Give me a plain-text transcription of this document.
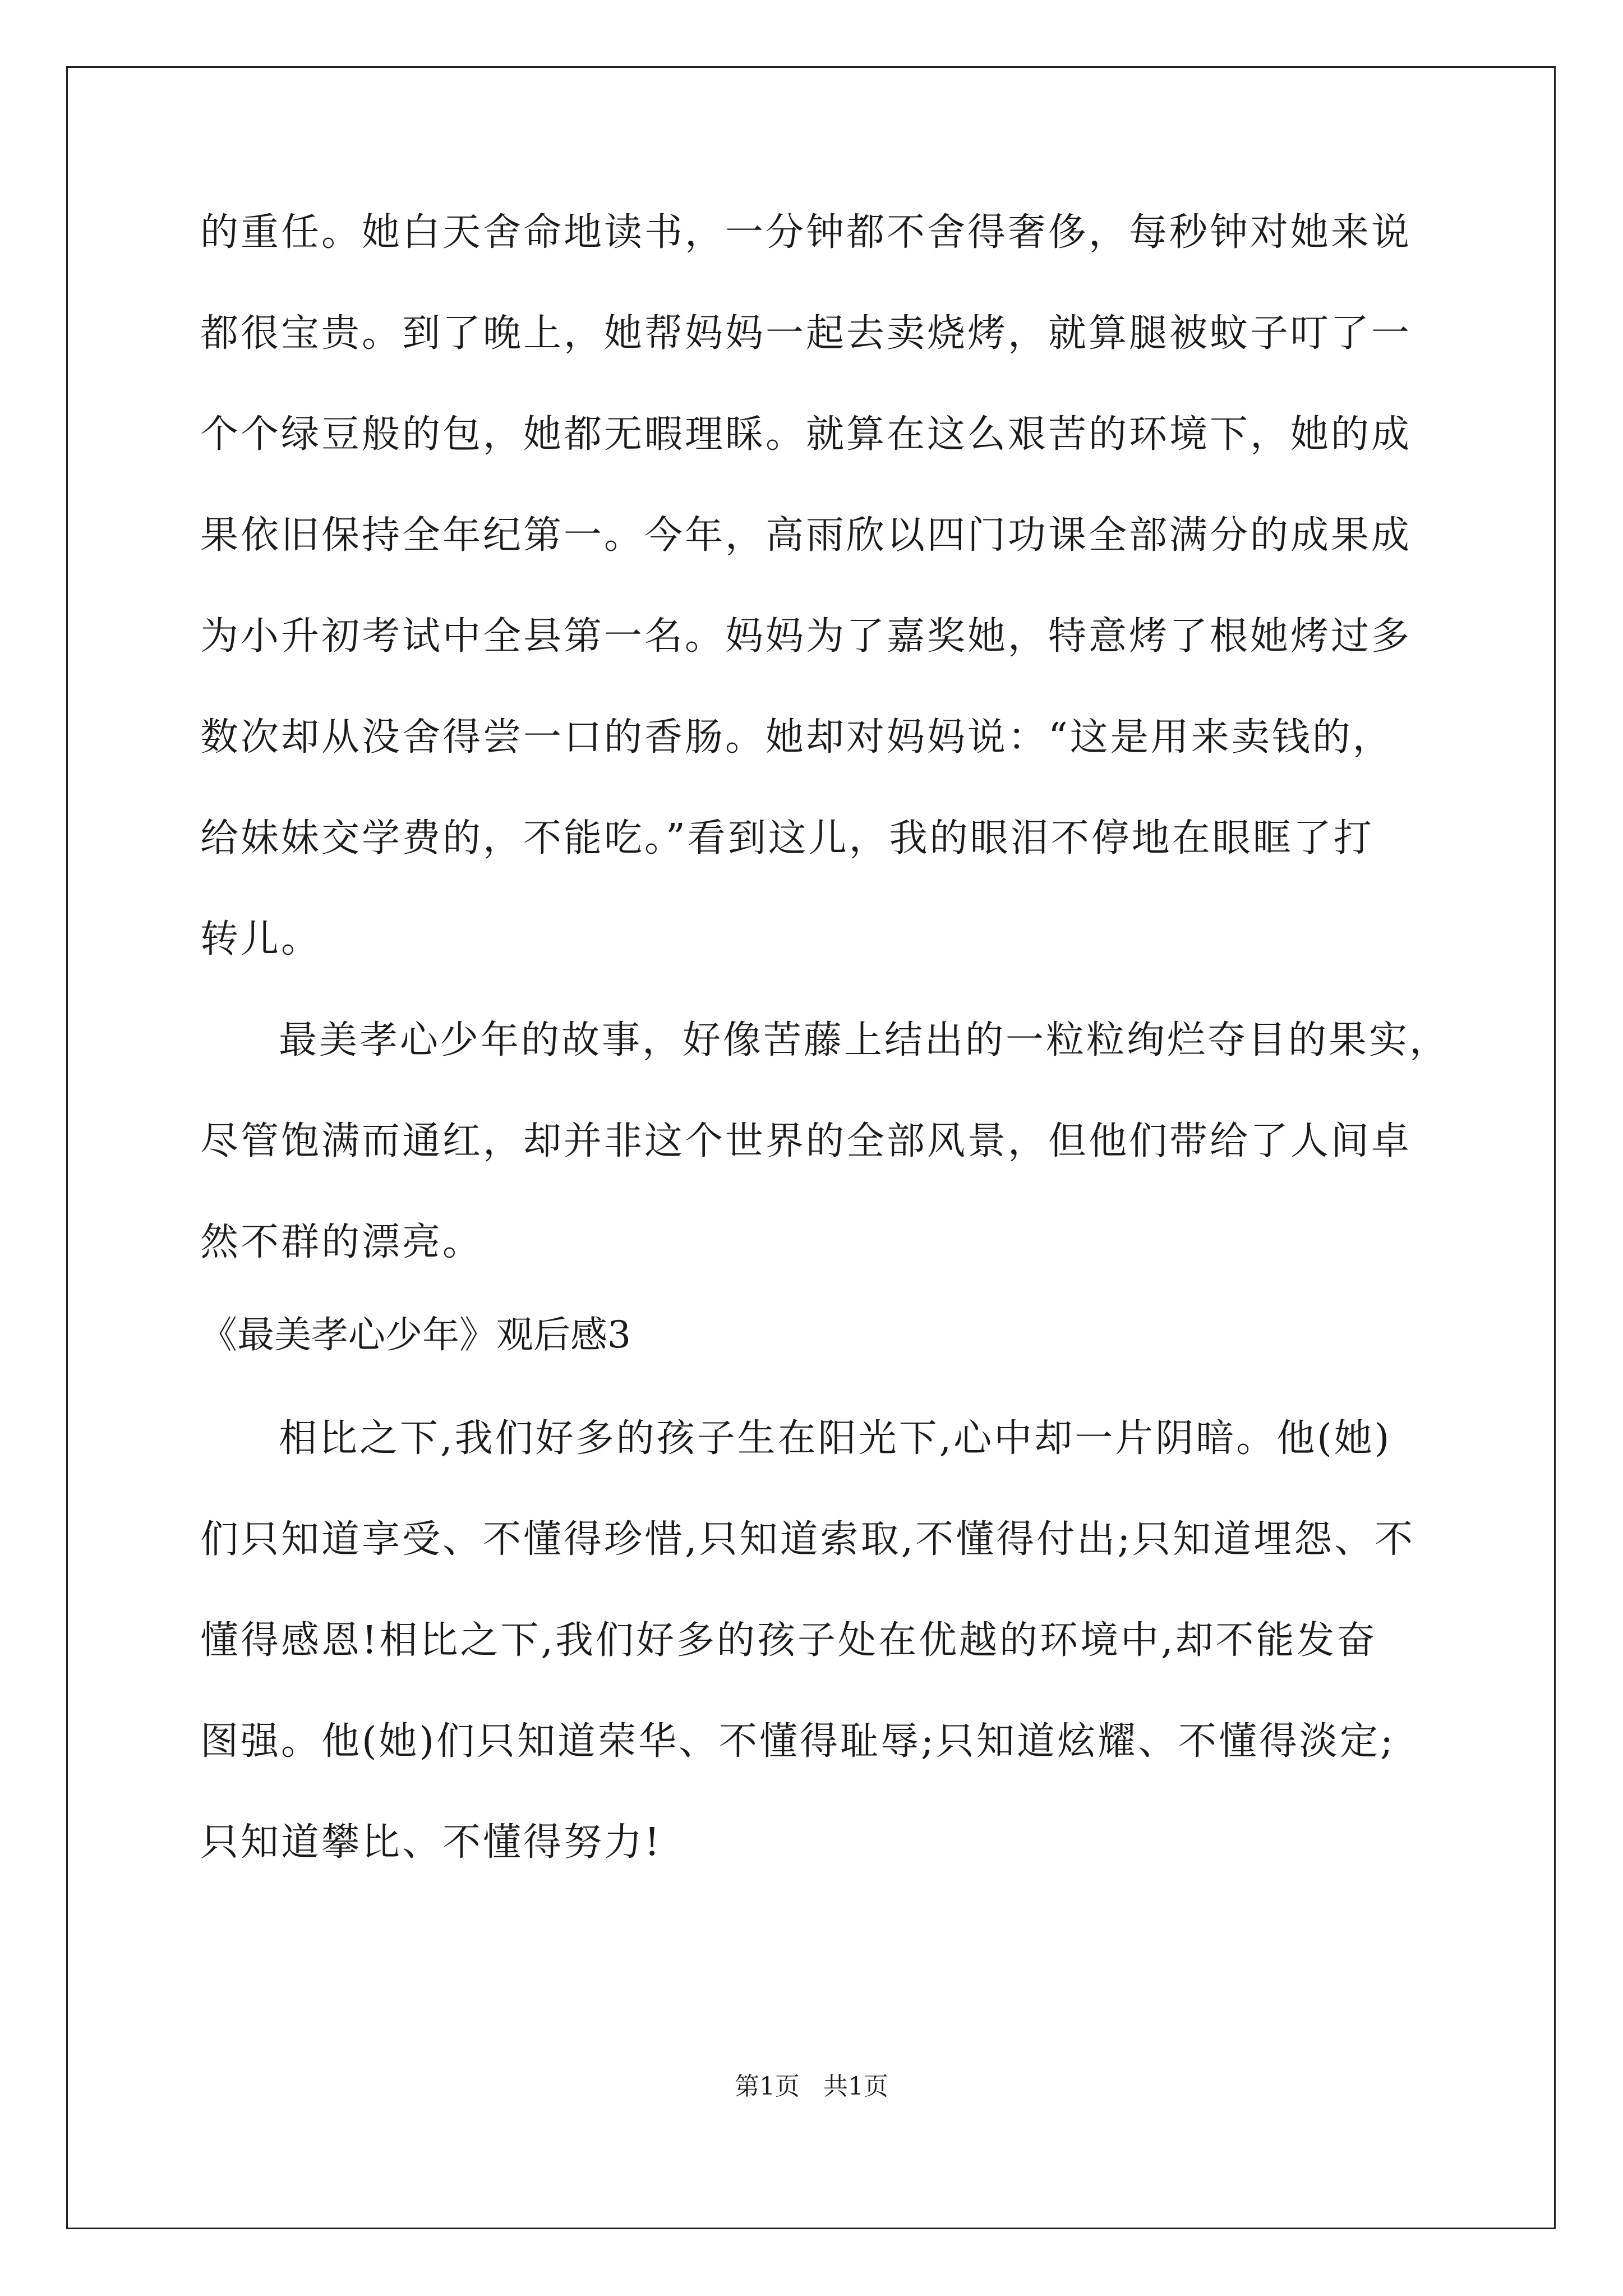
的重任。她白天舍命地读书，一分钟都不舍得奢侈，每秒钟对她来说
都很宝贵。到了晚上，她帮妈妈一起去卖烧烤，就算腿被蚊子叮了一
个个绿豆般的包，她都无暇理睬。就算在这么艰苦的环境下，她的成
果依旧保持全年纪第一。今年，高雨欣以四门功课全部满分的成果成
为小升初考试中全县第一名。妈妈为了嘉奖她，特意烤了根她烤过多
数次却从没舍得尝一口的香肠。她却对妈妈说：“这是用来卖钱的，
给妹妹交学费的，不能吃。”看到这儿，我的眼泪不停地在眼眶了打
转儿。
最美孝心少年的故事，好像苦藤上结出的一粒粒绚烂夺目的果实，
尽管饱满而通红，却并非这个世界的全部风景，但他们带给了人间卓
然不群的漂亮。
《最美孝心少年》观后感3
相比之下,我们好多的孩子生在阳光下,心中却一片阴暗。他(她)
们只知道享受、不懂得珍惜,只知道索取,不懂得付出;只知道埋怨、不
懂得感恩!相比之下,我们好多的孩子处在优越的环境中,却不能发奋
图强。他(她)们只知道荣华、不懂得耻辱;只知道炫耀、不懂得淡定;
只知道攀比、不懂得努力!
第1页   共1页
